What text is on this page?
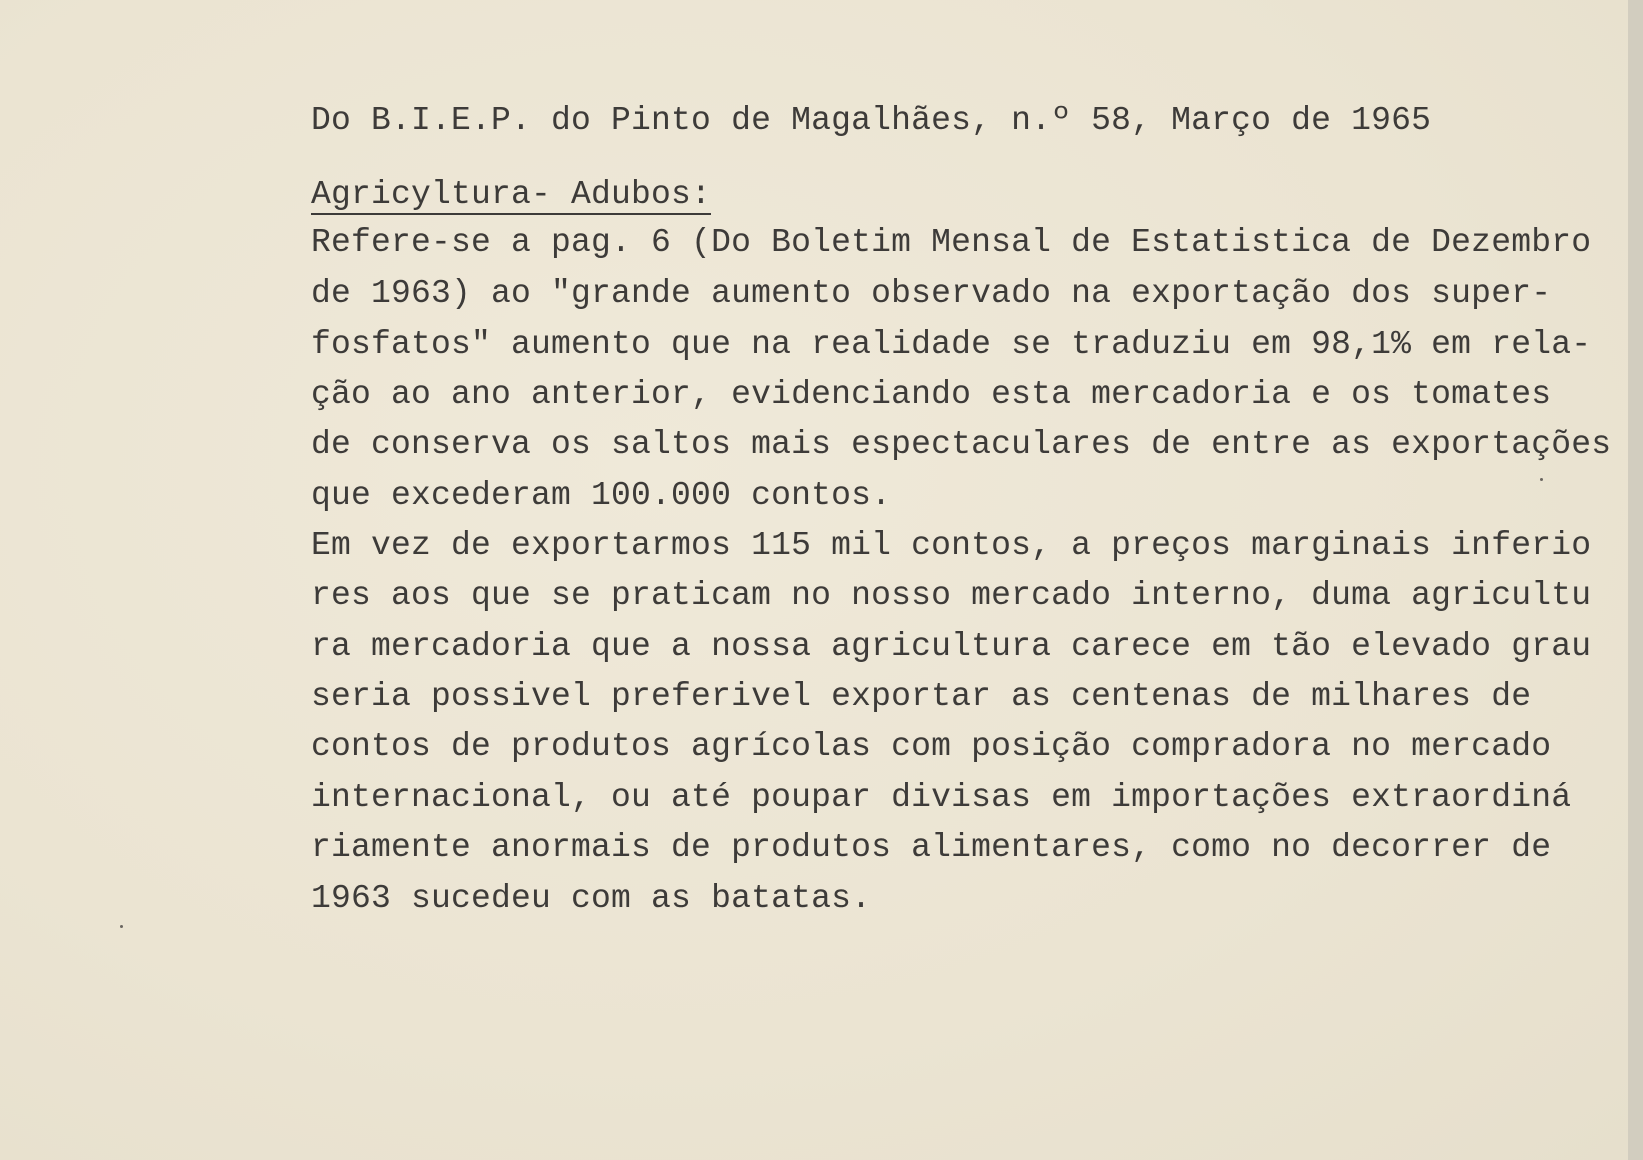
Do B.I.E.P. do Pinto de Magalhães, n.º 58, Março de 1965
Agricyltura- Adubos:
Refere-se a pag. 6 (Do Boletim Mensal de Estatistica de Dezembro
de 1963) ao "grande aumento observado na exportação dos super-
fosfatos" aumento que na realidade se traduziu em 98,1% em rela-
ção ao ano anterior, evidenciando esta mercadoria e os tomates
de conserva os saltos mais espectaculares de entre as exportações
que excederam 100.000 contos.
Em vez de exportarmos 115 mil contos, a preços marginais inferio
res aos que se praticam no nosso mercado interno, duma agricultu
ra mercadoria que a nossa agricultura carece em tão elevado grau
seria possivel preferivel exportar as centenas de milhares de
contos de produtos agrícolas com posição compradora no mercado
internacional, ou até poupar divisas em importações extraordiná
riamente anormais de produtos alimentares, como no decorrer de
1963 sucedeu com as batatas.
